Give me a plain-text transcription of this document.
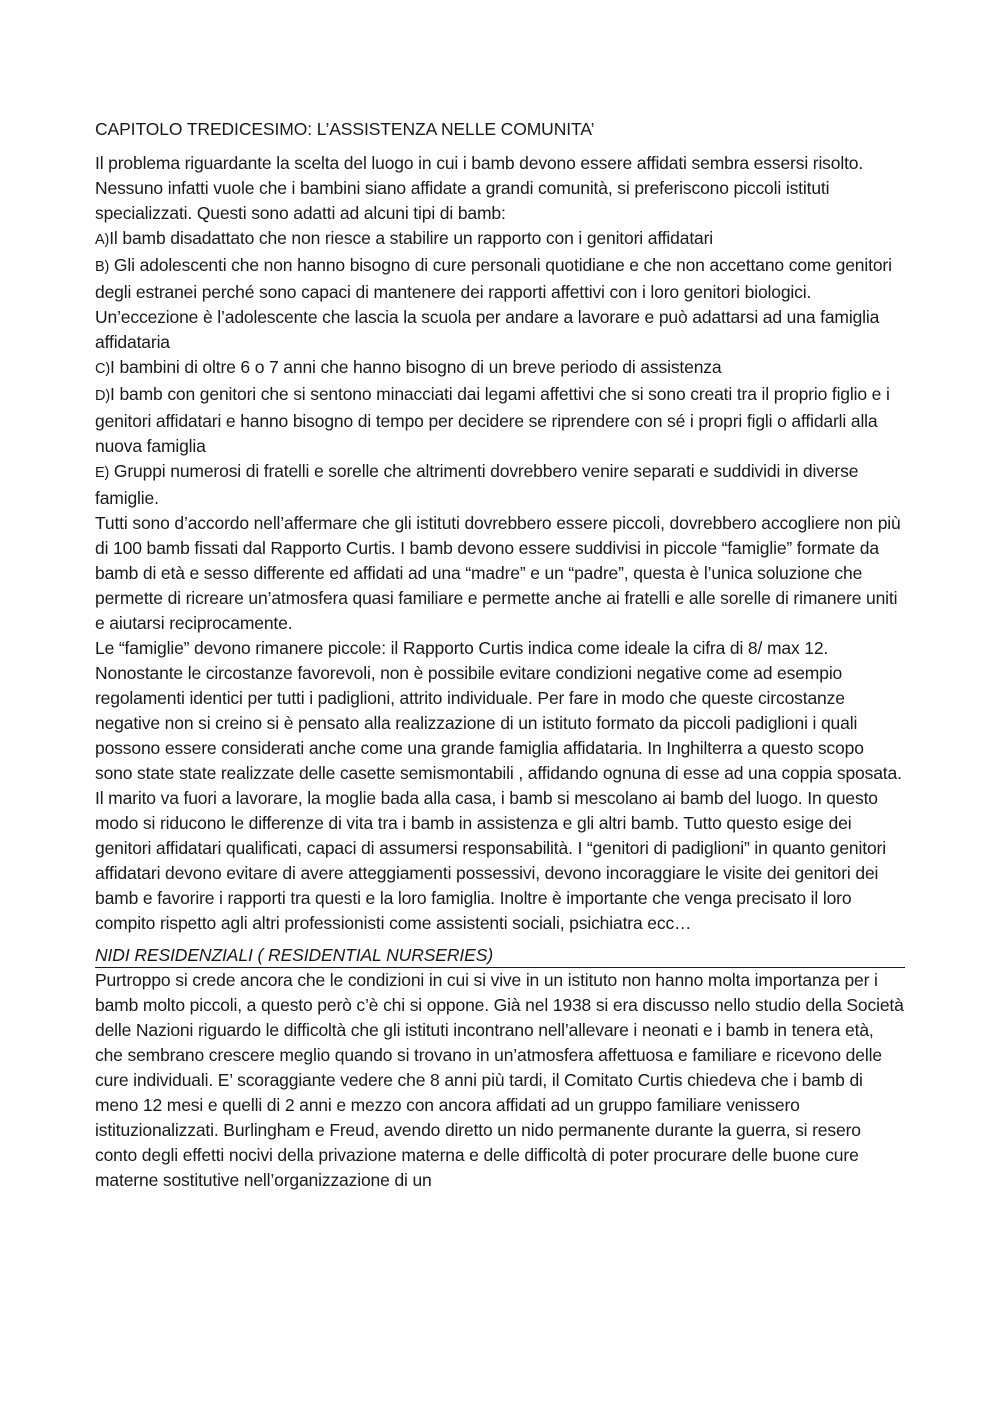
CAPITOLO TREDICESIMO: L’ASSISTENZA NELLE COMUNITA’

Il problema riguardante la scelta del luogo in cui i bamb devono essere affidati sembra essersi risolto. Nessuno infatti vuole che i bambini siano affidate a grandi comunità, si preferiscono piccoli istituti specializzati. Questi sono adatti ad alcuni tipi di bamb:

A)Il bamb disadattato che non riesce a stabilire un rapporto con i genitori affidatari

B) Gli adolescenti che non hanno bisogno di cure personali quotidiane e che non accettano come genitori degli estranei perché sono capaci di mantenere dei rapporti affettivi con i loro genitori biologici. Un’eccezione è l’adolescente che lascia la scuola per andare a lavorare e può adattarsi ad una famiglia affidataria

C)I bambini di oltre 6 o 7 anni che hanno bisogno di un breve periodo di assistenza

D)I bamb con genitori che si sentono minacciati dai legami affettivi che si sono creati tra il proprio figlio e i genitori affidatari e hanno bisogno di tempo per decidere se riprendere con sé i propri figli o affidarli alla nuova famiglia

E) Gruppi numerosi di fratelli e sorelle che altrimenti dovrebbero venire separati e suddividi in diverse famiglie.

Tutti sono d’accordo nell’affermare che gli istituti dovrebbero essere piccoli, dovrebbero accogliere non più di 100 bamb fissati dal Rapporto Curtis. I bamb devono essere suddivisi in piccole “famiglie” formate da bamb di età e sesso differente ed affidati ad una “madre” e un “padre”, questa è l’unica soluzione che permette di ricreare un’atmosfera quasi familiare e permette anche ai fratelli e alle sorelle di rimanere uniti e aiutarsi reciprocamente.

Le “famiglie” devono rimanere piccole: il Rapporto Curtis indica come ideale la cifra di 8/ max 12. Nonostante le circostanze favorevoli, non è possibile evitare condizioni negative come ad esempio regolamenti identici per tutti i padiglioni, attrito individuale. Per fare in modo che queste circostanze negative non si creino si è pensato alla realizzazione di un istituto formato da piccoli padiglioni i quali possono essere considerati anche come una grande famiglia affidataria. In Inghilterra a questo scopo sono state state realizzate delle casette semismontabili , affidando ognuna di esse ad una coppia sposata. Il marito va fuori a lavorare, la moglie bada alla casa, i bamb si mescolano ai bamb del luogo. In questo modo si riducono le differenze di vita tra i bamb in assistenza e gli altri bamb. Tutto questo esige dei genitori affidatari qualificati, capaci di assumersi responsabilità. I “genitori di padiglioni” in quanto genitori affidatari devono evitare di avere atteggiamenti possessivi, devono incoraggiare le visite dei genitori dei bamb e favorire i rapporti tra questi e la loro famiglia. Inoltre è importante che venga precisato il loro compito rispetto agli altri professionisti come assistenti sociali, psichiatra ecc…

NIDI RESIDENZIALI ( RESIDENTIAL NURSERIES)

Purtroppo si crede ancora che le condizioni in cui si vive in un istituto non hanno molta importanza per i bamb molto piccoli, a questo però c’è chi si oppone. Già nel 1938 si era discusso nello studio della Società delle Nazioni riguardo le difficoltà che gli istituti incontrano nell’allevare i neonati e i bamb in tenera età, che sembrano crescere meglio quando si trovano in un’atmosfera affettuosa e familiare e ricevono delle cure individuali. E’ scoraggiante vedere che 8 anni più tardi, il Comitato Curtis chiedeva che i bamb di meno 12 mesi e quelli di 2 anni e mezzo con ancora affidati ad un gruppo familiare venissero istituzionalizzati. Burlingham e Freud, avendo diretto un nido permanente durante la guerra, si resero conto degli effetti nocivi della privazione materna e delle difficoltà di poter procurare delle buone cure materne sostitutive nell’organizzazione di un
